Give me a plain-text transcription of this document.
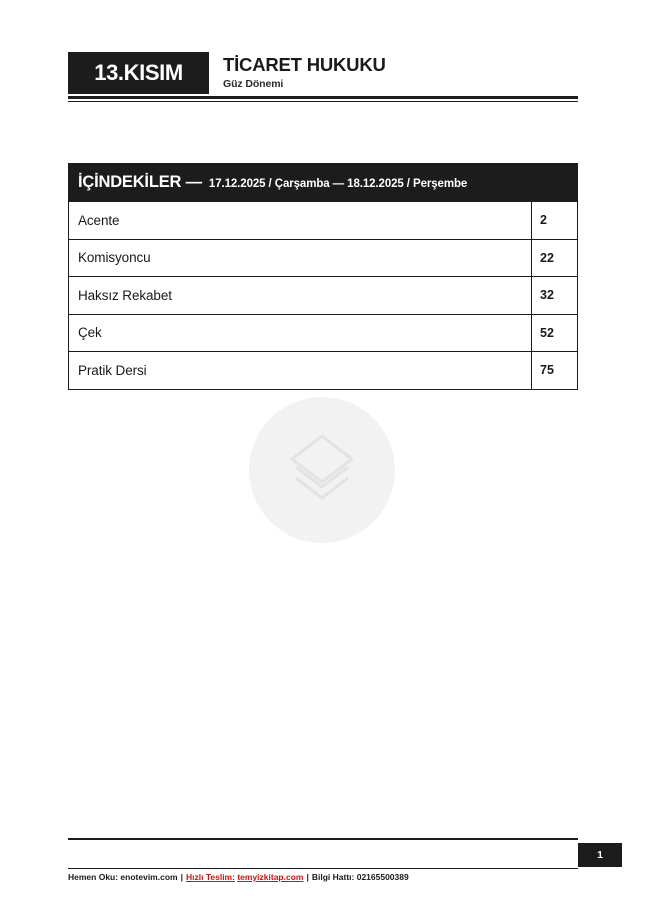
13.KISIM	TİCARET HUKUKU
Güz Dönemi
İÇİNDEKİLER — 17.12.2025 / Çarşamba — 18.12.2025 / Perşembe
Acente	2
Komisyoncu	22
Haksız Rekabet	32
Çek	52
Pratik Dersi	75
1
Hemen Oku: enotevim.com | Hızlı Teslim: temyizkitap.com | Bilgi Hattı: 02165500389
